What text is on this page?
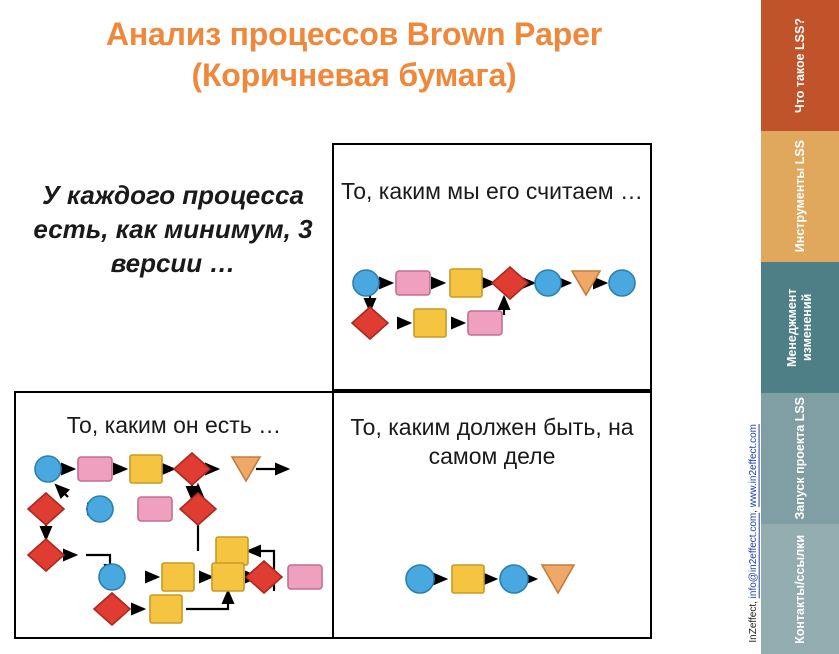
Анализ процессов Brown Paper (Коричневая бумага)
У каждого процесса есть, как минимум, 3 версии …
То, каким мы его считаем …
То, каким он есть …	То, каким должен быть, на самом деле
Что такое LSS?
Инструменты LSS
Менеджмент изменений
Запуск проекта LSS
Контакты/ссылки
InZeffect, info@in2effect.com, www.in2effect.com
